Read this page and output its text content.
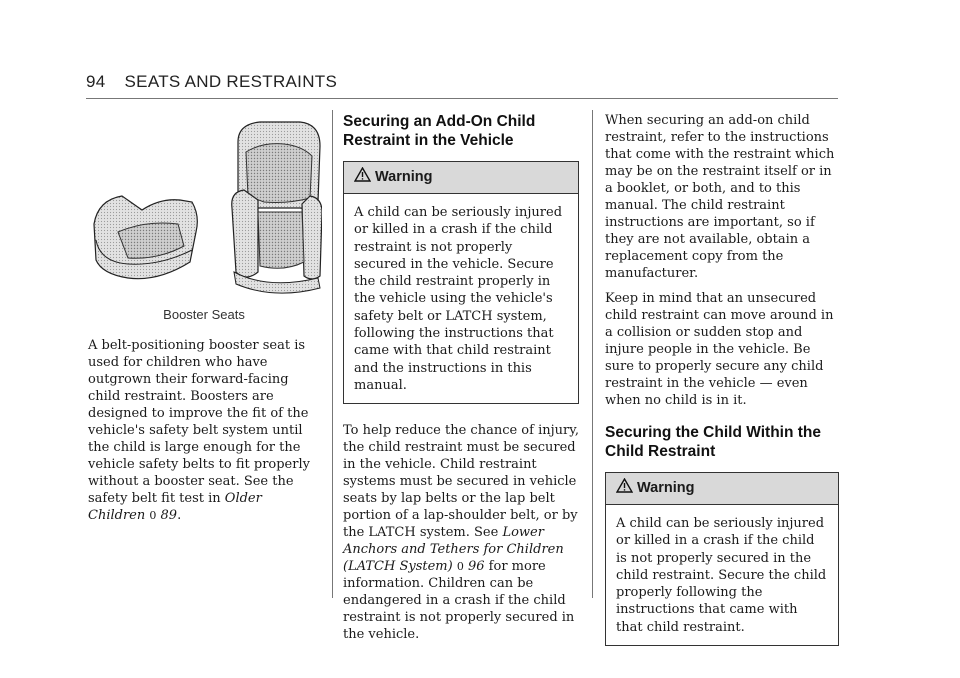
94 SEATS AND RESTRAINTS
Booster Seats

A belt-positioning booster seat is used for children who have outgrown their forward-facing child restraint. Boosters are designed to improve the fit of the vehicle's safety belt system until the child is large enough for the vehicle safety belts to fit properly without a booster seat. See the safety belt fit test in Older Children 0 89.

Securing an Add-On Child Restraint in the Vehicle
Warning
A child can be seriously injured or killed in a crash if the child restraint is not properly secured in the vehicle. Secure the child restraint properly in the vehicle using the vehicle's safety belt or LATCH system, following the instructions that came with that child restraint and the instructions in this manual.

To help reduce the chance of injury, the child restraint must be secured in the vehicle. Child restraint systems must be secured in vehicle seats by lap belts or the lap belt portion of a lap-shoulder belt, or by the LATCH system. See Lower Anchors and Tethers for Children (LATCH System) 0 96 for more information. Children can be endangered in a crash if the child restraint is not properly secured in the vehicle.

When securing an add-on child restraint, refer to the instructions that come with the restraint which may be on the restraint itself or in a booklet, or both, and to this manual. The child restraint instructions are important, so if they are not available, obtain a replacement copy from the manufacturer.

Keep in mind that an unsecured child restraint can move around in a collision or sudden stop and injure people in the vehicle. Be sure to properly secure any child restraint in the vehicle — even when no child is in it.

Securing the Child Within the Child Restraint
Warning
A child can be seriously injured or killed in a crash if the child is not properly secured in the child restraint. Secure the child properly following the instructions that came with that child restraint.
